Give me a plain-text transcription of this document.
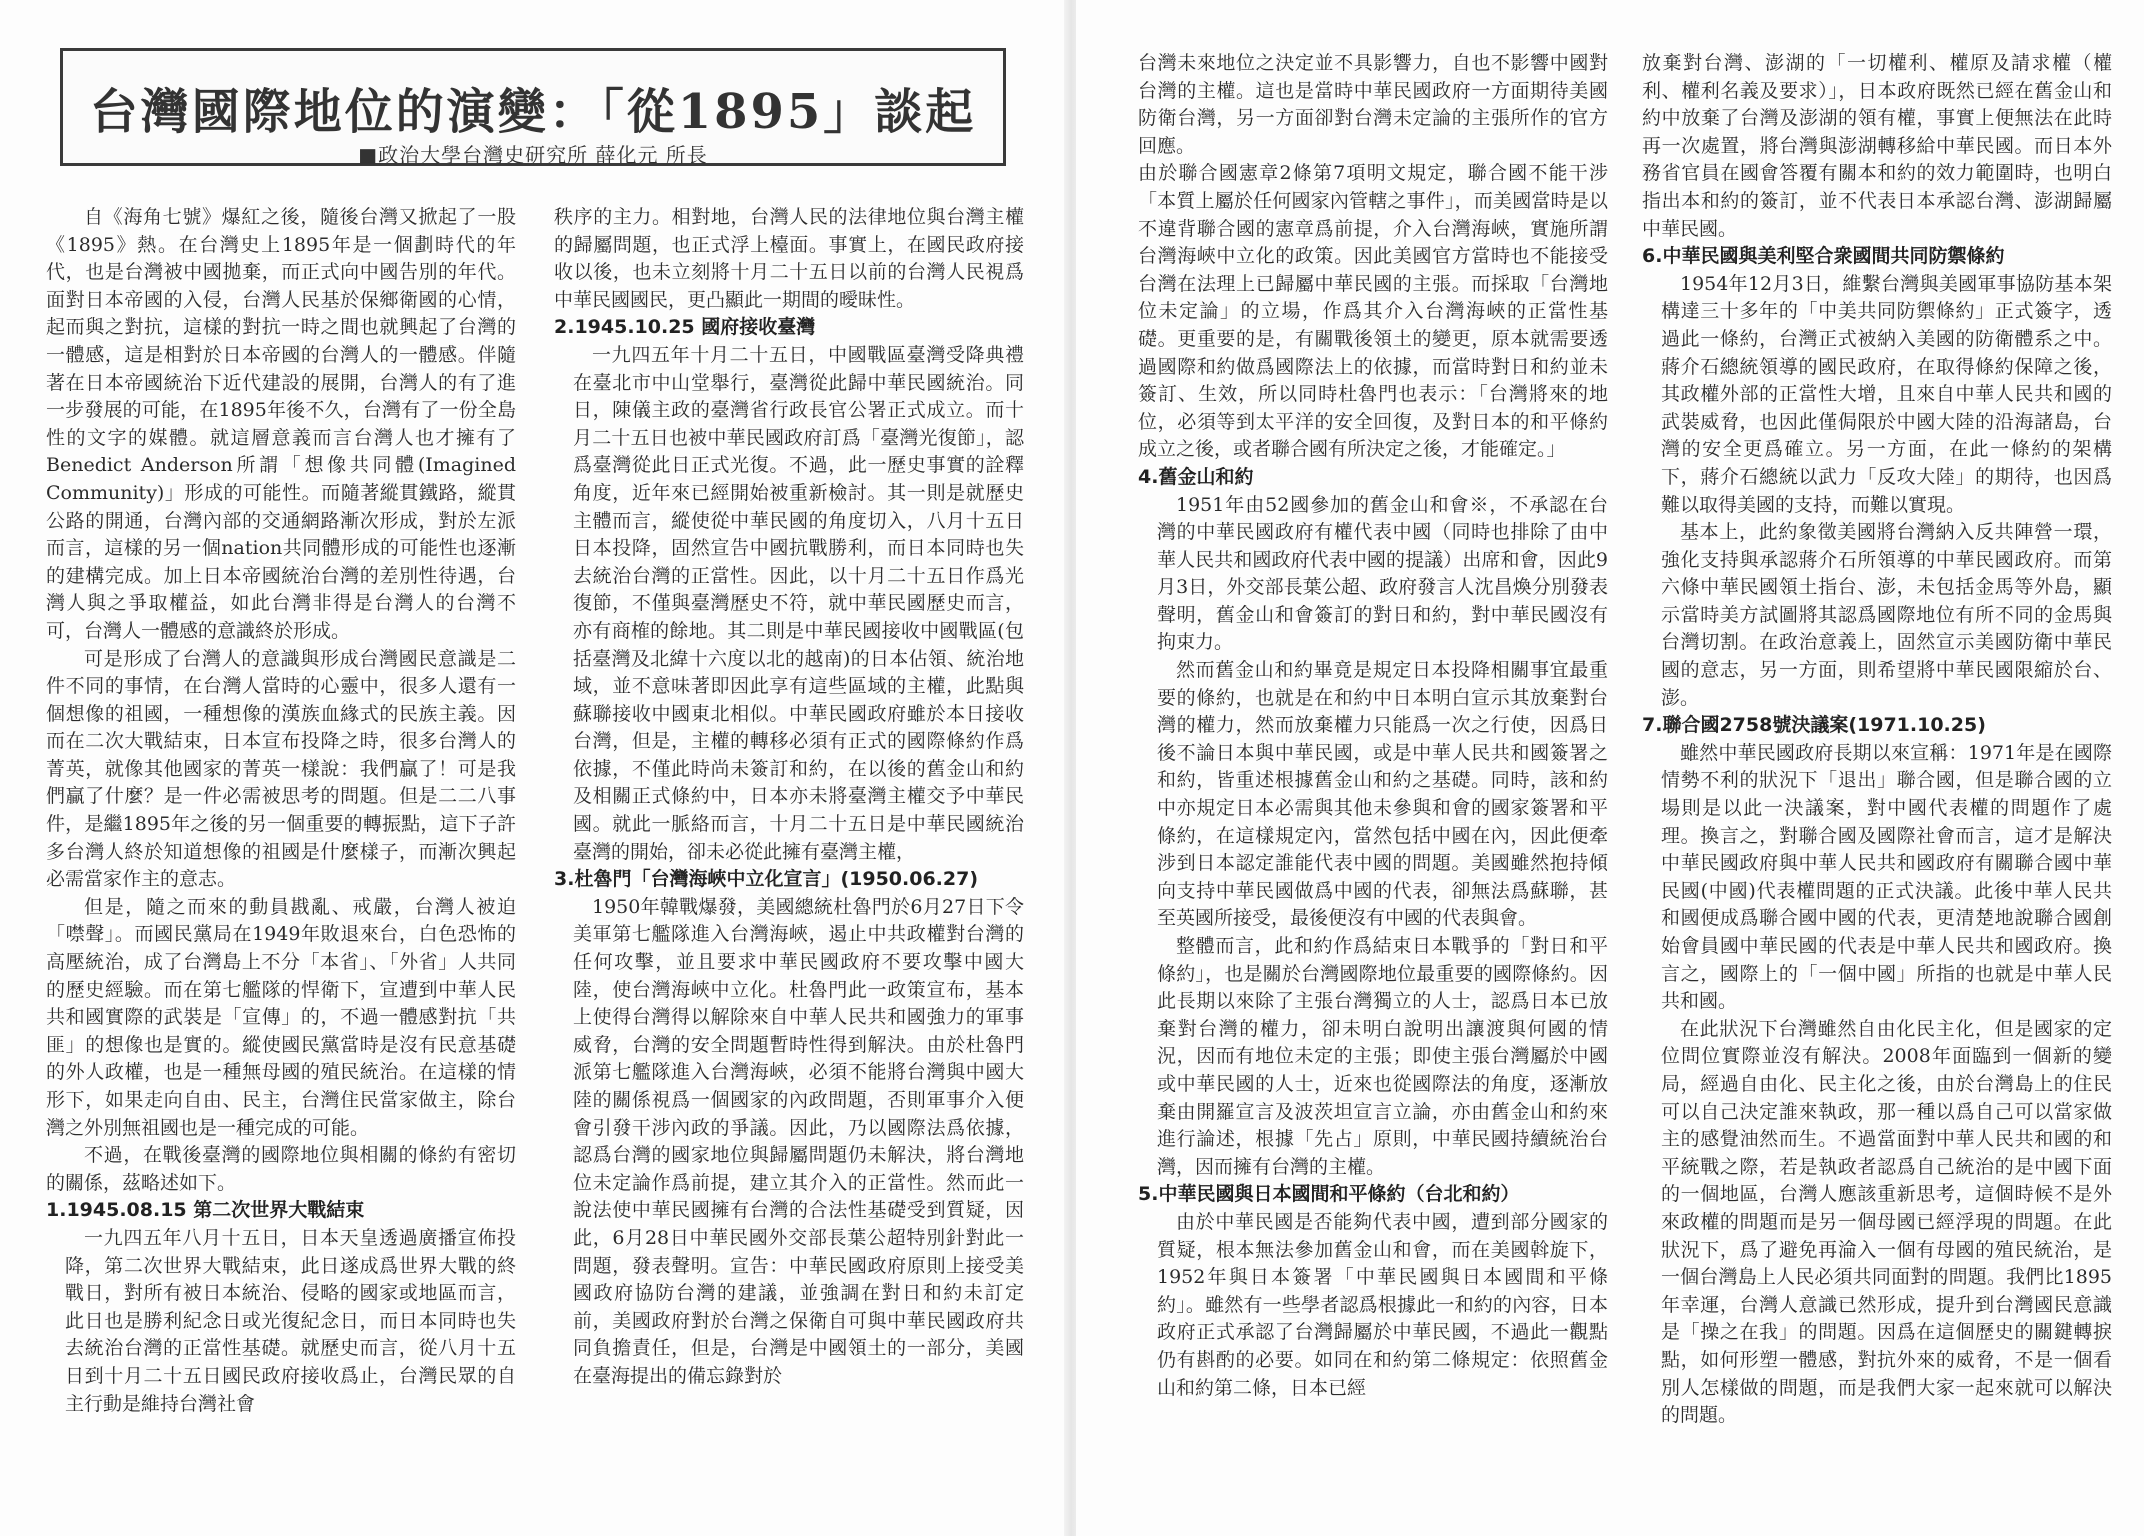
台灣國際地位的演變：「從1895」談起
■政治大學台灣史研究所 薛化元 所長

自《海角七號》爆紅之後，隨後台灣又掀起了一股《1895》熱。在台灣史上1895年是一個劃時代的年代，也是台灣被中國拋棄，而正式向中國告別的年代。面對日本帝國的入侵，台灣人民基於保鄉衛國的心情，起而與之對抗，這樣的對抗一時之間也就興起了台灣的一體感，這是相對於日本帝國的台灣人的一體感。伴隨著在日本帝國統治下近代建設的展開，台灣人的有了進一步發展的可能，在1895年後不久，台灣有了一份全島性的文字的媒體。就這層意義而言台灣人也才擁有了Benedict Anderson所謂「想像共同體(Imagined Community)」形成的可能性。而隨著縱貫鐵路，縱貫公路的開通，台灣內部的交通網路漸次形成，對於左派而言，這樣的另一個nation共同體形成的可能性也逐漸的建構完成。加上日本帝國統治台灣的差別性待遇，台灣人與之爭取權益，如此台灣非得是台灣人的台灣不可，台灣人一體感的意識終於形成。

可是形成了台灣人的意識與形成台灣國民意識是二件不同的事情，在台灣人當時的心靈中，很多人還有一個想像的祖國，一種想像的漢族血緣式的民族主義。因而在二次大戰結束，日本宣布投降之時，很多台灣人的菁英，就像其他國家的菁英一樣說：我們贏了！可是我們贏了什麼？是一件必需被思考的問題。但是二二八事件，是繼1895年之後的另一個重要的轉振點，這下子許多台灣人終於知道想像的祖國是什麼樣子，而漸次興起必需當家作主的意志。

但是，隨之而來的動員戡亂、戒嚴，台灣人被迫「噤聲」。而國民黨局在1949年敗退來台，白色恐怖的高壓統治，成了台灣島上不分「本省」、「外省」人共同的歷史經驗。而在第七艦隊的悍衛下，宣遭到中華人民共和國實際的武裝是「宣傳」的，不過一體感對抗「共匪」的想像也是實的。縱使國民黨當時是沒有民意基礎的外人政權，也是一種無母國的殖民統治。在這樣的情形下，如果走向自由、民主，台灣住民當家做主，除台灣之外別無祖國也是一種完成的可能。

不過，在戰後臺灣的國際地位與相關的條約有密切的關係，茲略述如下。

1.1945.08.15 第二次世界大戰結束

一九四五年八月十五日，日本天皇透過廣播宣佈投降，第二次世界大戰結束，此日遂成爲世界大戰的終戰日，對所有被日本統治、侵略的國家或地區而言，此日也是勝利紀念日或光復紀念日，而日本同時也失去統治台灣的正當性基礎。就歷史而言，從八月十五日到十月二十五日國民政府接收爲止，台灣民眾的自主行動是維持台灣社會

秩序的主力。相對地，台灣人民的法律地位與台灣主權的歸屬問題，也正式浮上檯面。事實上，在國民政府接收以後，也未立刻將十月二十五日以前的台灣人民視爲中華民國國民，更凸顯此一期間的曖昧性。

2.1945.10.25 國府接收臺灣

一九四五年十月二十五日，中國戰區臺灣受降典禮在臺北市中山堂舉行，臺灣從此歸中華民國統治。同日，陳儀主政的臺灣省行政長官公署正式成立。而十月二十五日也被中華民國政府訂爲「臺灣光復節」，認爲臺灣從此日正式光復。不過，此一歷史事實的詮釋角度，近年來已經開始被重新檢討。其一則是就歷史主體而言，縱使從中華民國的角度切入，八月十五日日本投降，固然宣告中國抗戰勝利，而日本同時也失去統治台灣的正當性。因此，以十月二十五日作爲光復節，不僅與臺灣歷史不符，就中華民國歷史而言，亦有商榷的餘地。其二則是中華民國接收中國戰區(包括臺灣及北緯十六度以北的越南)的日本佔領、統治地域，並不意味著即因此享有這些區域的主權，此點與蘇聯接收中國東北相似。中華民國政府雖於本日接收台灣，但是，主權的轉移必須有正式的國際條約作爲依據，不僅此時尚未簽訂和約，在以後的舊金山和約及相關正式條約中，日本亦未將臺灣主權交予中華民國。就此一脈絡而言，十月二十五日是中華民國統治臺灣的開始，卻未必從此擁有臺灣主權，

3.杜魯門「台灣海峽中立化宣言」(1950.06.27)

1950年韓戰爆發，美國總統杜魯門於6月27日下令美軍第七艦隊進入台灣海峽，遏止中共政權對台灣的任何攻擊，並且要求中華民國政府不要攻擊中國大陸，使台灣海峽中立化。杜魯門此一政策宣布，基本上使得台灣得以解除來自中華人民共和國強力的軍事威脅，台灣的安全問題暫時性得到解決。由於杜魯門派第七艦隊進入台灣海峽，必須不能將台灣與中國大陸的關係視爲一個國家的內政問題，否則軍事介入便會引發干涉內政的爭議。因此，乃以國際法爲依據，認爲台灣的國家地位與歸屬問題仍未解決，將台灣地位未定論作爲前提，建立其介入的正當性。然而此一說法使中華民國擁有台灣的合法性基礎受到質疑，因此，6月28日中華民國外交部長葉公超特別針對此一問題，發表聲明。宣告：中華民國政府原則上接受美國政府協防台灣的建議，並強調在對日和約未訂定前，美國政府對於台灣之保衛自可與中華民國政府共同負擔責任，但是，台灣是中國領土的一部分，美國在臺海提出的備忘錄對於

台灣未來地位之決定並不具影響力，自也不影響中國對台灣的主權。這也是當時中華民國政府一方面期待美國防衛台灣，另一方面卻對台灣未定論的主張所作的官方回應。

由於聯合國憲章2條第7項明文規定，聯合國不能干涉「本質上屬於任何國家內管轄之事件」，而美國當時是以不違背聯合國的憲章爲前提，介入台灣海峽，實施所謂台灣海峽中立化的政策。因此美國官方當時也不能接受台灣在法理上已歸屬中華民國的主張。而採取「台灣地位未定論」的立場，作爲其介入台灣海峽的正當性基礎。更重要的是，有關戰後領土的變更，原本就需要透過國際和約做爲國際法上的依據，而當時對日和約並未簽訂、生效，所以同時杜魯門也表示：「台灣將來的地位，必須等到太平洋的安全回復，及對日本的和平條約成立之後，或者聯合國有所決定之後，才能確定。」

4.舊金山和約

1951年由52國參加的舊金山和會※，不承認在台灣的中華民國政府有權代表中國（同時也排除了由中華人民共和國政府代表中國的提議）出席和會，因此9月3日，外交部長葉公超、政府發言人沈昌煥分別發表聲明，舊金山和會簽訂的對日和約，對中華民國沒有拘束力。

然而舊金山和約畢竟是規定日本投降相關事宜最重要的條約，也就是在和約中日本明白宣示其放棄對台灣的權力，然而放棄權力只能爲一次之行使，因爲日後不論日本與中華民國，或是中華人民共和國簽署之和約，皆重述根據舊金山和約之基礎。同時，該和約中亦規定日本必需與其他未參與和會的國家簽署和平條約，在這樣規定內，當然包括中國在內，因此便牽涉到日本認定誰能代表中國的問題。美國雖然抱持傾向支持中華民國做爲中國的代表，卻無法爲蘇聯，甚至英國所接受，最後便沒有中國的代表與會。

整體而言，此和約作爲結束日本戰爭的「對日和平條約」，也是關於台灣國際地位最重要的國際條約。因此長期以來除了主張台灣獨立的人士，認爲日本已放棄對台灣的權力，卻未明白說明出讓渡與何國的情況，因而有地位未定的主張；即使主張台灣屬於中國或中華民國的人士，近來也從國際法的角度，逐漸放棄由開羅宣言及波茨坦宣言立論，亦由舊金山和約來進行論述，根據「先占」原則，中華民國持續統治台灣，因而擁有台灣的主權。

5.中華民國與日本國間和平條約（台北和約）

由於中華民國是否能夠代表中國，遭到部分國家的質疑，根本無法參加舊金山和會，而在美國斡旋下，1952年與日本簽署「中華民國與日本國間和平條約」。雖然有一些學者認爲根據此一和約的內容，日本政府正式承認了台灣歸屬於中華民國，不過此一觀點仍有斟酌的必要。如同在和約第二條規定：依照舊金山和約第二條，日本已經

放棄對台灣、澎湖的「一切權利、權原及請求權（權利、權利名義及要求）」，日本政府既然已經在舊金山和約中放棄了台灣及澎湖的領有權，事實上便無法在此時再一次處置，將台灣與澎湖轉移給中華民國。而日本外務省官員在國會答覆有關本和約的效力範圍時，也明白指出本和約的簽訂，並不代表日本承認台灣、澎湖歸屬中華民國。

6.中華民國與美利堅合衆國間共同防禦條約

1954年12月3日，維繫台灣與美國軍事協防基本架構達三十多年的「中美共同防禦條約」正式簽字，透過此一條約，台灣正式被納入美國的防衛體系之中。蔣介石總統領導的國民政府，在取得條約保障之後，其政權外部的正當性大增，且來自中華人民共和國的武裝威脅，也因此僅侷限於中國大陸的沿海諸島，台灣的安全更爲確立。另一方面，在此一條約的架構下，蔣介石總統以武力「反攻大陸」的期待，也因爲難以取得美國的支持，而難以實現。

基本上，此約象徵美國將台灣納入反共陣營一環，強化支持與承認蔣介石所領導的中華民國政府。而第六條中華民國領土指台、澎，未包括金馬等外島，顯示當時美方試圖將其認爲國際地位有所不同的金馬與台灣切割。在政治意義上，固然宣示美國防衛中華民國的意志，另一方面，則希望將中華民國限縮於台、澎。

7.聯合國2758號決議案(1971.10.25)

雖然中華民國政府長期以來宣稱：1971年是在國際情勢不利的狀況下「退出」聯合國，但是聯合國的立場則是以此一決議案，對中國代表權的問題作了處理。換言之，對聯合國及國際社會而言，這才是解決中華民國政府與中華人民共和國政府有關聯合國中華民國(中國)代表權問題的正式決議。此後中華人民共和國便成爲聯合國中國的代表，更清楚地說聯合國創始會員國中華民國的代表是中華人民共和國政府。換言之，國際上的「一個中國」所指的也就是中華人民共和國。

在此狀況下台灣雖然自由化民主化，但是國家的定位問位實際並沒有解決。2008年面臨到一個新的變局，經過自由化、民主化之後，由於台灣島上的住民可以自己決定誰來執政，那一種以爲自己可以當家做主的感覺油然而生。不過當面對中華人民共和國的和平統戰之際，若是執政者認爲自己統治的是中國下面的一個地區，台灣人應該重新思考，這個時候不是外來政權的問題而是另一個母國已經浮現的問題。在此狀況下，爲了避免再淪入一個有母國的殖民統治，是一個台灣島上人民必須共同面對的問題。我們比1895年幸運，台灣人意識已然形成，提升到台灣國民意識是「操之在我」的問題。因爲在這個歷史的關鍵轉捩點，如何形塑一體感，對抗外來的威脅，不是一個看別人怎樣做的問題，而是我們大家一起來就可以解決的問題。
